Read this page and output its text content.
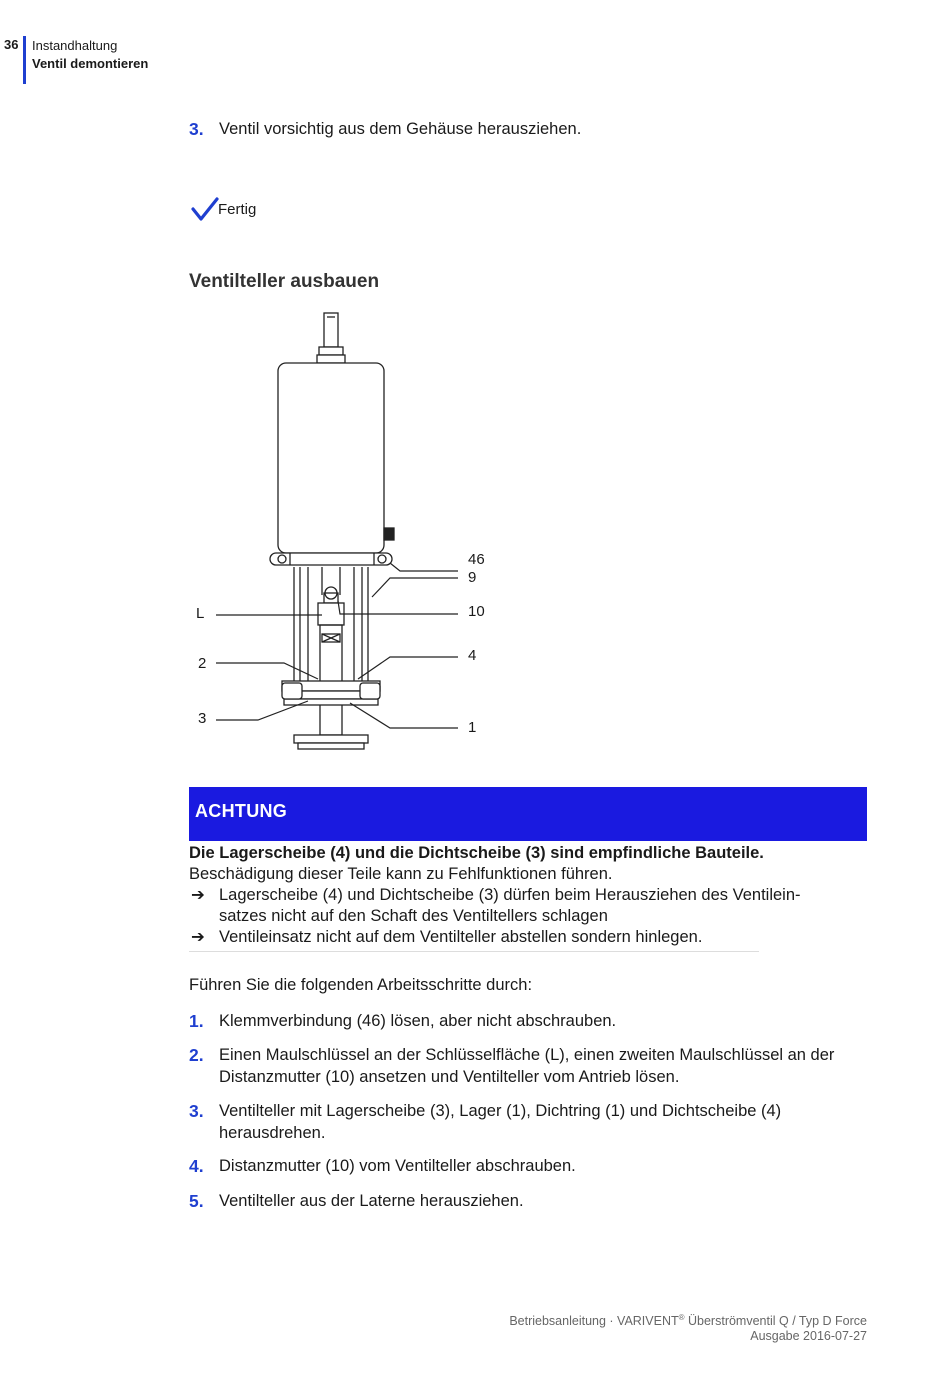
36 Instandhaltung
Ventil demontieren
3. Ventil vorsichtig aus dem Gehäuse herausziehen.
Fertig
Ventilteller ausbauen
L
2
3
46
9
10
4
1
ACHTUNG
Die Lagerscheibe (4) und die Dichtscheibe (3) sind empfindliche Bauteile.
Beschädigung dieser Teile kann zu Fehlfunktionen führen.
➔ Lagerscheibe (4) und Dichtscheibe (3) dürfen beim Herausziehen des Ventilein-
satzes nicht auf den Schaft des Ventiltellers schlagen
➔ Ventileinsatz nicht auf dem Ventilteller abstellen sondern hinlegen.
Führen Sie die folgenden Arbeitsschritte durch:
1. Klemmverbindung (46) lösen, aber nicht abschrauben.
2. Einen Maulschlüssel an der Schlüsselfläche (L), einen zweiten Maulschlüssel an der
Distanzmutter (10) ansetzen und Ventilteller vom Antrieb lösen.
3. Ventilteller mit Lagerscheibe (3), Lager (1), Dichtring (1) und Dichtscheibe (4)
herausdrehen.
4. Distanzmutter (10) vom Ventilteller abschrauben.
5. Ventilteller aus der Laterne herausziehen.
Betriebsanleitung · VARIVENT® Überströmventil Q / Typ D Force
Ausgabe 2016-07-27
